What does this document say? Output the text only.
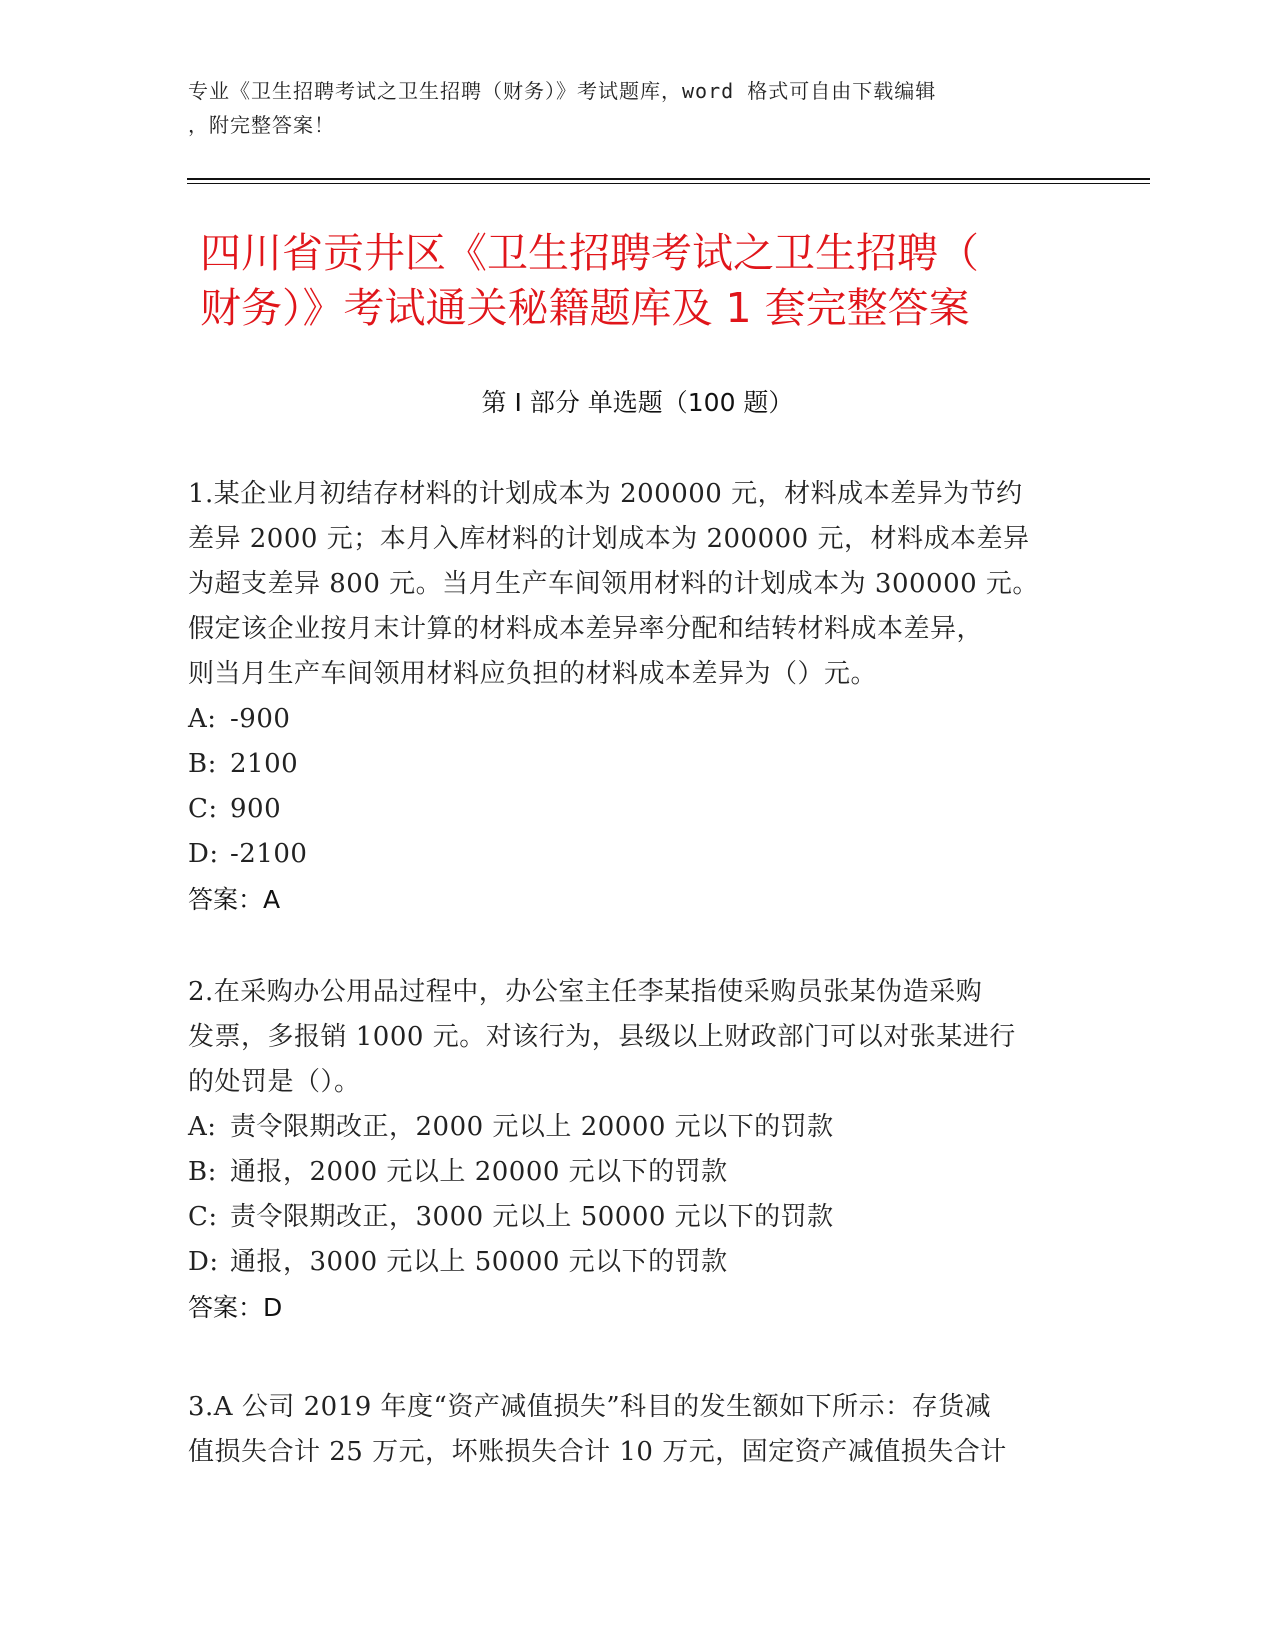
专业《卫生招聘考试之卫生招聘（财务）》考试题库，word 格式可自由下载编辑
，附完整答案！
四川省贡井区《卫生招聘考试之卫生招聘（
财务）》考试通关秘籍题库及 1 套完整答案
第 I 部分 单选题（100 题）

1.某企业月初结存材料的计划成本为 200000 元，材料成本差异为节约

差异 2000 元；本月入库材料的计划成本为 200000 元，材料成本差异

为超支差异 800 元。当月生产车间领用材料的计划成本为 300000 元。

假定该企业按月末计算的材料成本差异率分配和结转材料成本差异，

则当月生产车间领用材料应负担的材料成本差异为（）元。

A: -900

B: 2100

C: 900

D: -2100

答案：A

2.在采购办公用品过程中，办公室主任李某指使采购员张某伪造采购

发票，多报销 1000 元。对该行为，县级以上财政部门可以对张某进行

的处罚是（）。

A: 责令限期改正，2000 元以上 20000 元以下的罚款

B: 通报，2000 元以上 20000 元以下的罚款

C: 责令限期改正，3000 元以上 50000 元以下的罚款

D: 通报，3000 元以上 50000 元以下的罚款

答案：D

3.A 公司 2019 年度“资产减值损失”科目的发生额如下所示：存货减

值损失合计 25 万元，坏账损失合计 10 万元，固定资产减值损失合计
